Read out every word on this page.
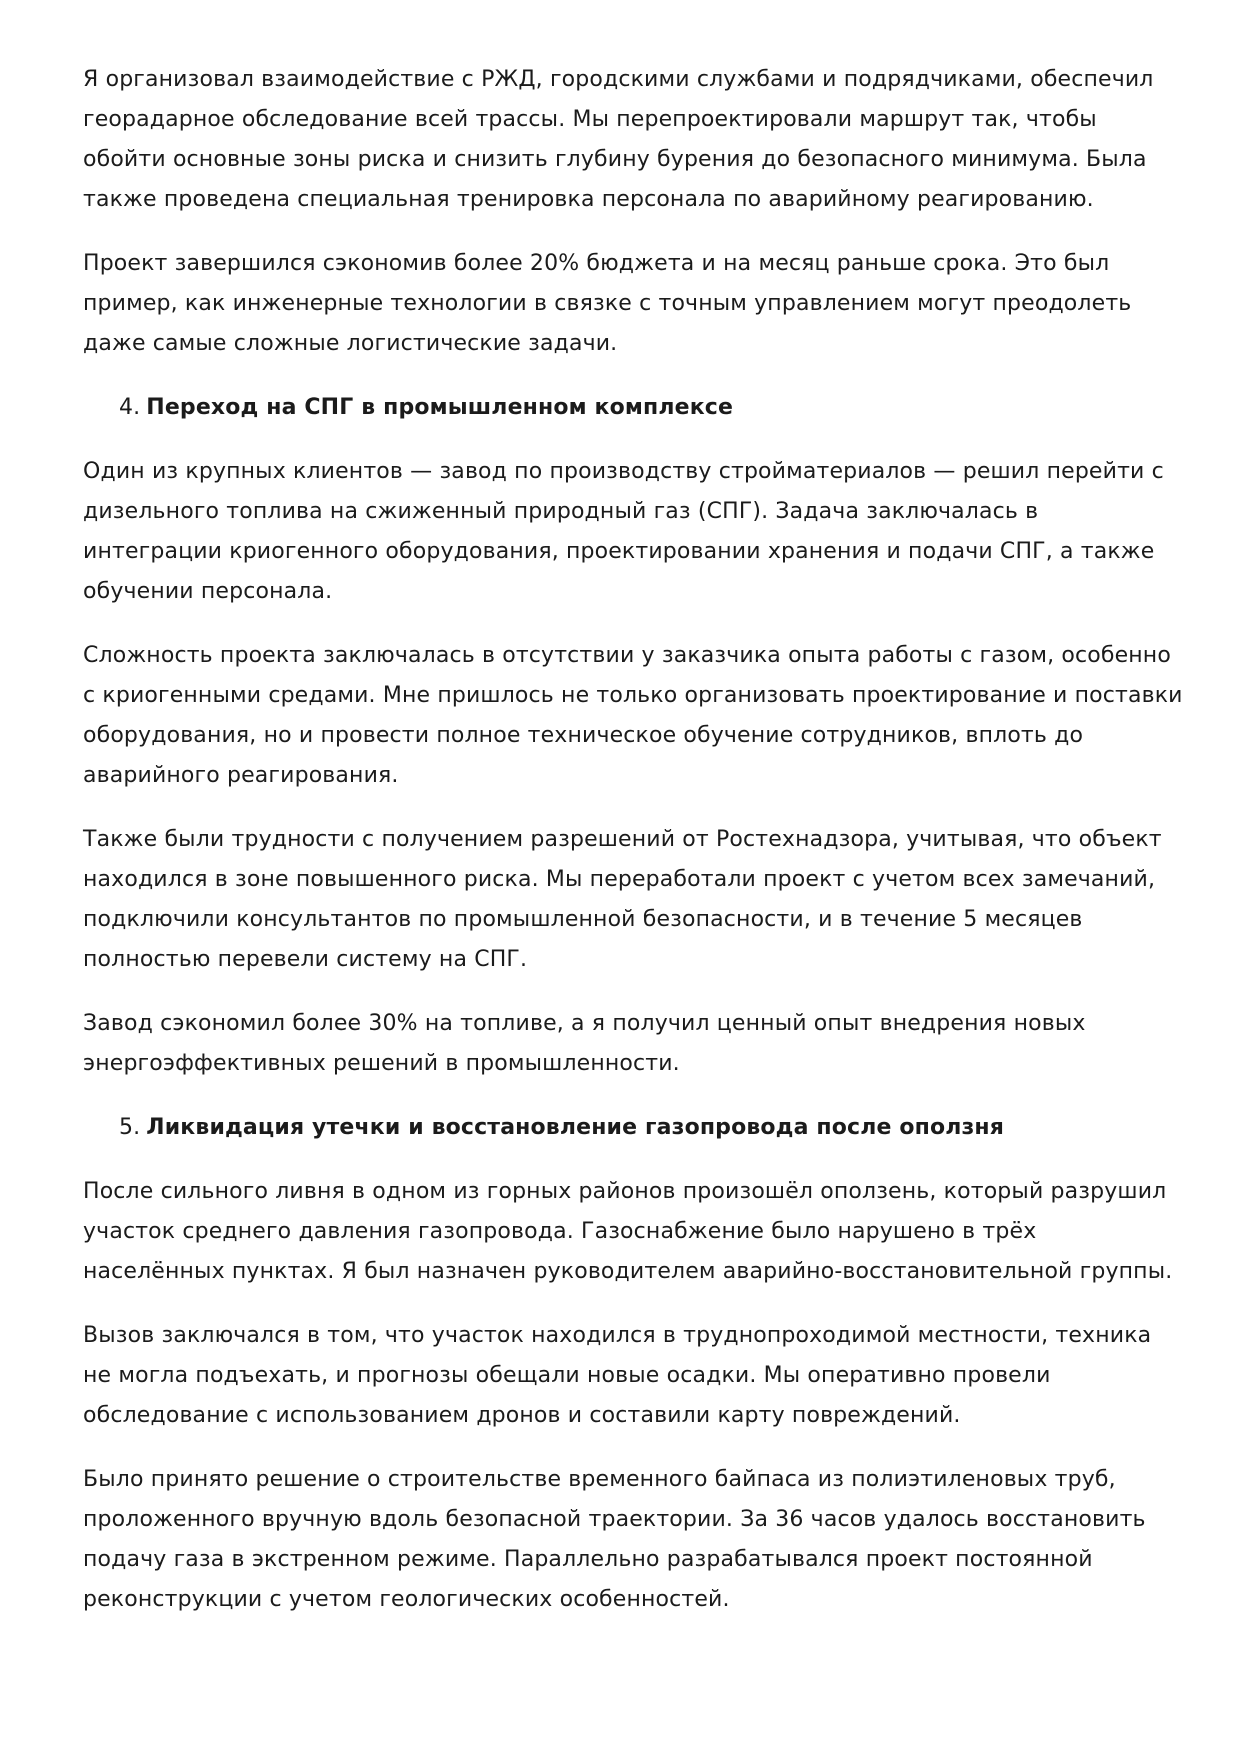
Я организовал взаимодействие с РЖД, городскими службами и подрядчиками, обеспечил георадарное обследование всей трассы. Мы перепроектировали маршрут так, чтобы обойти основные зоны риска и снизить глубину бурения до безопасного минимума. Была также проведена специальная тренировка персонала по аварийному реагированию.

Проект завершился сэкономив более 20% бюджета и на месяц раньше срока. Это был пример, как инженерные технологии в связке с точным управлением могут преодолеть даже самые сложные логистические задачи.

4. Переход на СПГ в промышленном комплексе

Один из крупных клиентов — завод по производству стройматериалов — решил перейти с дизельного топлива на сжиженный природный газ (СПГ). Задача заключалась в интеграции криогенного оборудования, проектировании хранения и подачи СПГ, а также обучении персонала.

Сложность проекта заключалась в отсутствии у заказчика опыта работы с газом, особенно с криогенными средами. Мне пришлось не только организовать проектирование и поставки оборудования, но и провести полное техническое обучение сотрудников, вплоть до аварийного реагирования.

Также были трудности с получением разрешений от Ростехнадзора, учитывая, что объект находился в зоне повышенного риска. Мы переработали проект с учетом всех замечаний, подключили консультантов по промышленной безопасности, и в течение 5 месяцев полностью перевели систему на СПГ.

Завод сэкономил более 30% на топливе, а я получил ценный опыт внедрения новых энергоэффективных решений в промышленности.

5. Ликвидация утечки и восстановление газопровода после оползня

После сильного ливня в одном из горных районов произошёл оползень, который разрушил участок среднего давления газопровода. Газоснабжение было нарушено в трёх населённых пунктах. Я был назначен руководителем аварийно-восстановительной группы.

Вызов заключался в том, что участок находился в труднопроходимой местности, техника не могла подъехать, и прогнозы обещали новые осадки. Мы оперативно провели обследование с использованием дронов и составили карту повреждений.

Было принято решение о строительстве временного байпаса из полиэтиленовых труб, проложенного вручную вдоль безопасной траектории. За 36 часов удалось восстановить подачу газа в экстренном режиме. Параллельно разрабатывался проект постоянной реконструкции с учетом геологических особенностей.
